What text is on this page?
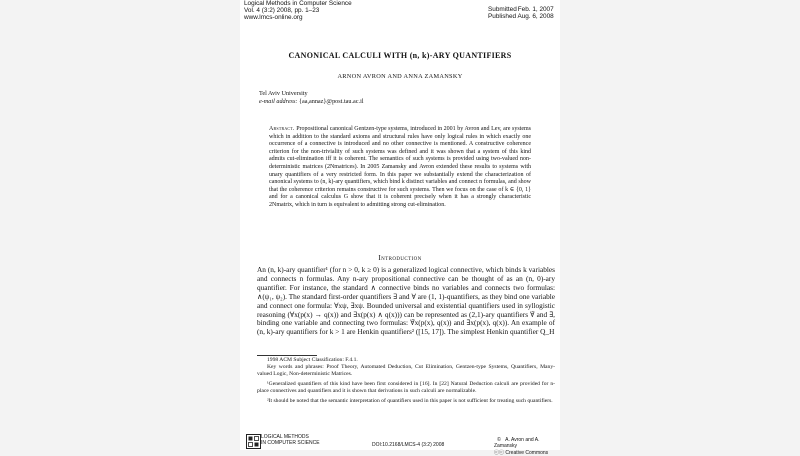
Logical Methods in Computer Science
Vol. 4 (3:2) 2008, pp. 1–23
www.lmcs-online.org
Submitted Feb. 1, 2007
Published Aug. 6, 2008
CANONICAL CALCULI WITH (n, k)-ARY QUANTIFIERS
ARNON AVRON AND ANNA ZAMANSKY
Tel Aviv University
e-mail address: {aa,annaz}@post.tau.ac.il
Abstract. Propositional canonical Gentzen-type systems, introduced in 2001 by Avron and Lev, are systems which in addition to the standard axioms and structural rules have only logical rules in which exactly one occurrence of a connective is introduced and no other connective is mentioned. A constructive coherence criterion for the non-triviality of such systems was defined and it was shown that a system of this kind admits cut-elimination iff it is coherent. The semantics of such systems is provided using two-valued non-deterministic matrices (2Nmatrices). In 2005 Zamansky and Avron extended these results to systems with unary quantifiers of a very restricted form. In this paper we substantially extend the characterization of canonical systems to (n, k)-ary quantifiers, which bind k distinct variables and connect n formulas, and show that the coherence criterion remains constructive for such systems. Then we focus on the case of k ∈ {0, 1} and for a canonical calculus G show that it is coherent precisely when it has a strongly characteristic 2Nmatrix, which in turn is equivalent to admitting strong cut-elimination.
Introduction
An (n, k)-ary quantifier¹ (for n > 0, k ≥ 0) is a generalized logical connective, which binds k variables and connects n formulas. Any n-ary propositional connective can be thought of as an (n, 0)-ary quantifier. For instance, the standard ∧ connective binds no variables and connects two formulas: ∧(ψ₁, ψ₂). The standard first-order quantifiers ∃ and ∀ are (1, 1)-quantifiers, as they bind one variable and connect one formula: ∀xψ, ∃xψ. Bounded universal and existential quantifiers used in syllogistic reasoning (∀x(p(x) → q(x)) and ∃x(p(x) ∧ q(x))) can be represented as (2,1)-ary quantifiers ∀̄ and ∃̄, binding one variable and connecting two formulas: ∀̄x(p(x), q(x)) and ∃̄x(p(x), q(x)). An example of (n, k)-ary quantifiers for k > 1 are Henkin quantifiers² ([15, 17]). The simplest Henkin quantifier Q_H

1998 ACM Subject Classification: F.4.1.

Key words and phrases: Proof Theory, Automated Deduction, Cut Elimination, Gentzen-type Systems, Quantifiers, Many-valued Logic, Non-deterministic Matrices.

¹Generalized quantifiers of this kind have been first considered in [16]. In [22] Natural Deduction calculi are provided for n-place connectives and quantifiers and it is shown that derivations in such calculi are normalizable.

²It should be noted that the semantic interpretation of quantifiers used in this paper is not sufficient for treating such quantifiers.

LOGICAL METHODS
IN COMPUTER SCIENCE	DOI:10.2168/LMCS-4 (3:2) 2008
© A. Avron and A. Zamansky
ⓒⓒ Creative Commons
